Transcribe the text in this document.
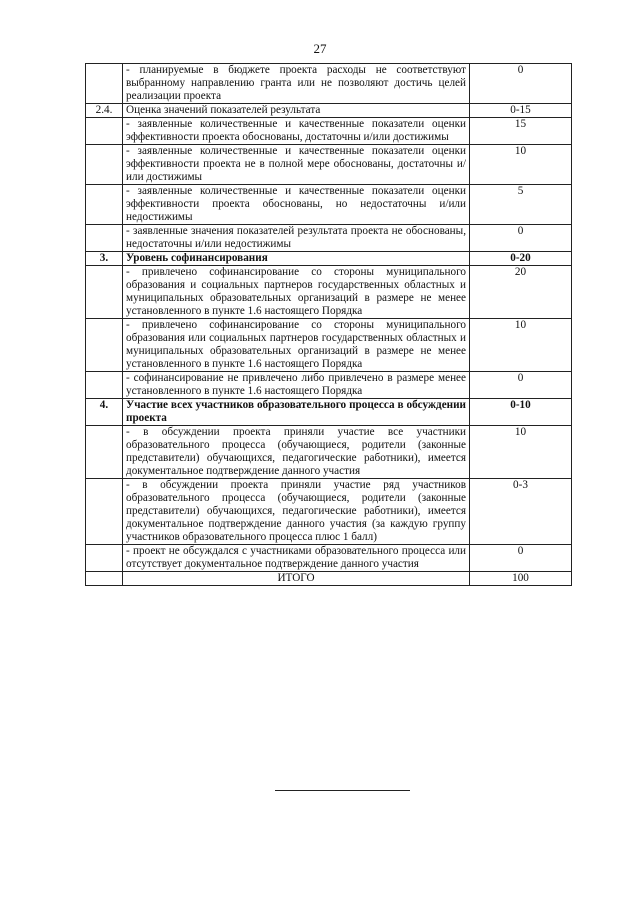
27
	- планируемые в бюджете проекта расходы не соответствуют выбранному направлению гранта или не позволяют достичь целей реализации проекта	0
2.4.	Оценка значений показателей результата	0-15
	- заявленные количественные и качественные показатели оценки эффективности проекта обоснованы, достаточны и/или достижимы	15
	- заявленные количественные и качественные показатели оценки эффективности проекта не в полной мере обоснованы, достаточны и/или достижимы	10
	- заявленные количественные и качественные показатели оценки эффективности проекта обоснованы, но недостаточны и/или недостижимы	5
	- заявленные значения показателей результата проекта не обоснованы, недостаточны и/или недостижимы	0
3.	Уровень софинансирования	0-20
	- привлечено софинансирование со стороны муниципального образования и социальных партнеров государственных областных и муниципальных образовательных организаций в размере не менее установленного в пункте 1.6 настоящего Порядка	20
	- привлечено софинансирование со стороны муниципального образования или социальных партнеров государственных областных и муниципальных образовательных организаций в размере не менее установленного в пункте 1.6 настоящего Порядка	10
	- софинансирование не привлечено либо привлечено в размере менее установленного в пункте 1.6 настоящего Порядка	0
4.	Участие всех участников образовательного процесса в обсуждении проекта	0-10
	- в обсуждении проекта приняли участие все участники образовательного процесса (обучающиеся, родители (законные представители) обучающихся, педагогические работники), имеется документальное подтверждение данного участия	10
	- в обсуждении проекта приняли участие ряд участников образовательного процесса (обучающиеся, родители (законные представители) обучающихся, педагогические работники), имеется документальное подтверждение данного участия (за каждую группу участников образовательного процесса плюс 1 балл)	0-3
	- проект не обсуждался с участниками образовательного процесса или отсутствует документальное подтверждение данного участия	0
	ИТОГО	100
